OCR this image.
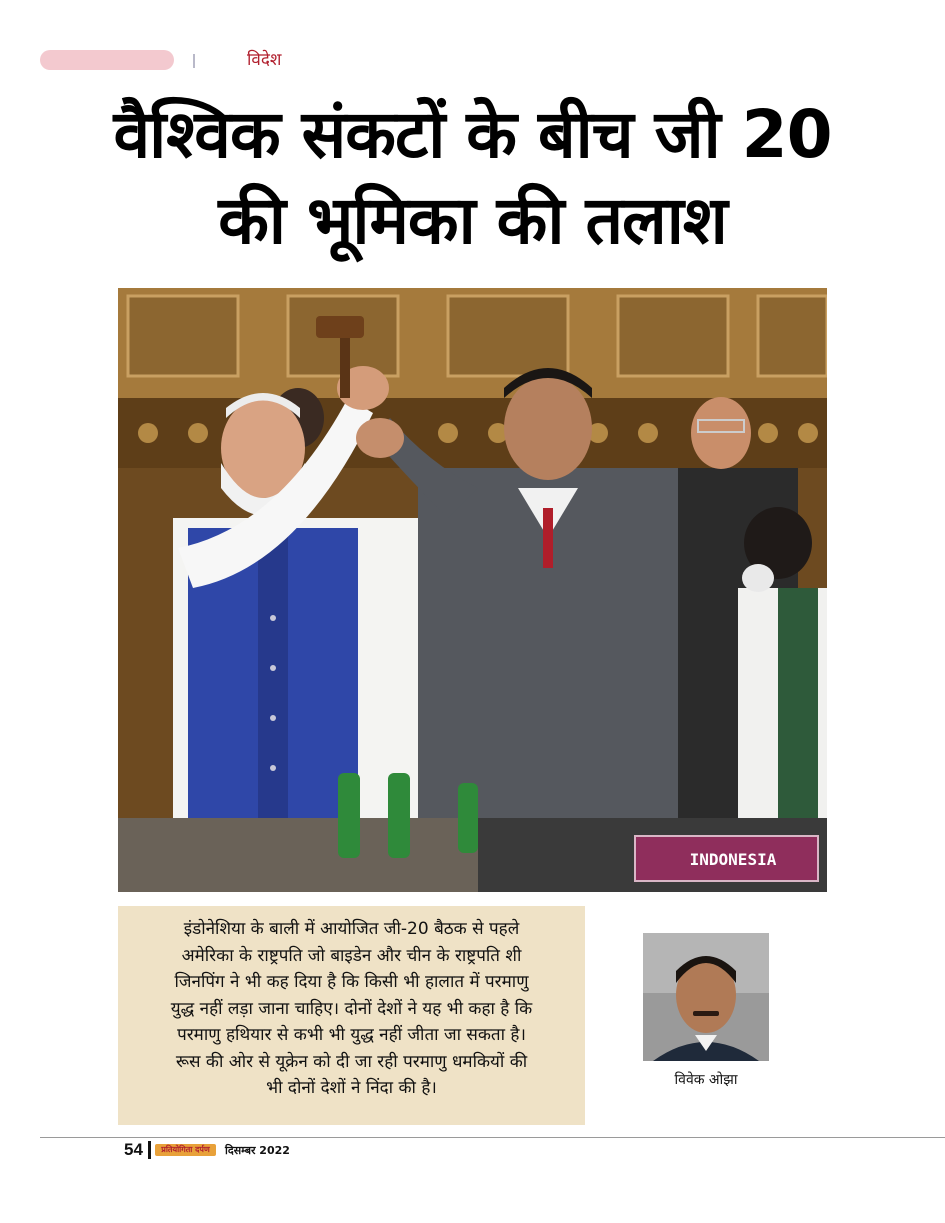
विदेश
वैश्विक संकटों के बीच जी 20
की भूमिका की तलाश
INDONESIA
इंडोनेशिया के बाली में आयोजित जी-20 बैठक से पहले
अमेरिका के राष्ट्रपति जो बाइडेन और चीन के राष्ट्रपति शी
जिनपिंग ने भी कह दिया है कि किसी भी हालात में परमाणु
युद्ध नहीं लड़ा जाना चाहिए। दोनों देशों ने यह भी कहा है कि
परमाणु हथियार से कभी भी युद्ध नहीं जीता जा सकता है।
रूस की ओर से यूक्रेन को दी जा रही परमाणु धमकियों की
भी दोनों देशों ने निंदा की है।	विवेक ओझा
54	प्रतियोगिता दर्पण	दिसम्बर 2022
